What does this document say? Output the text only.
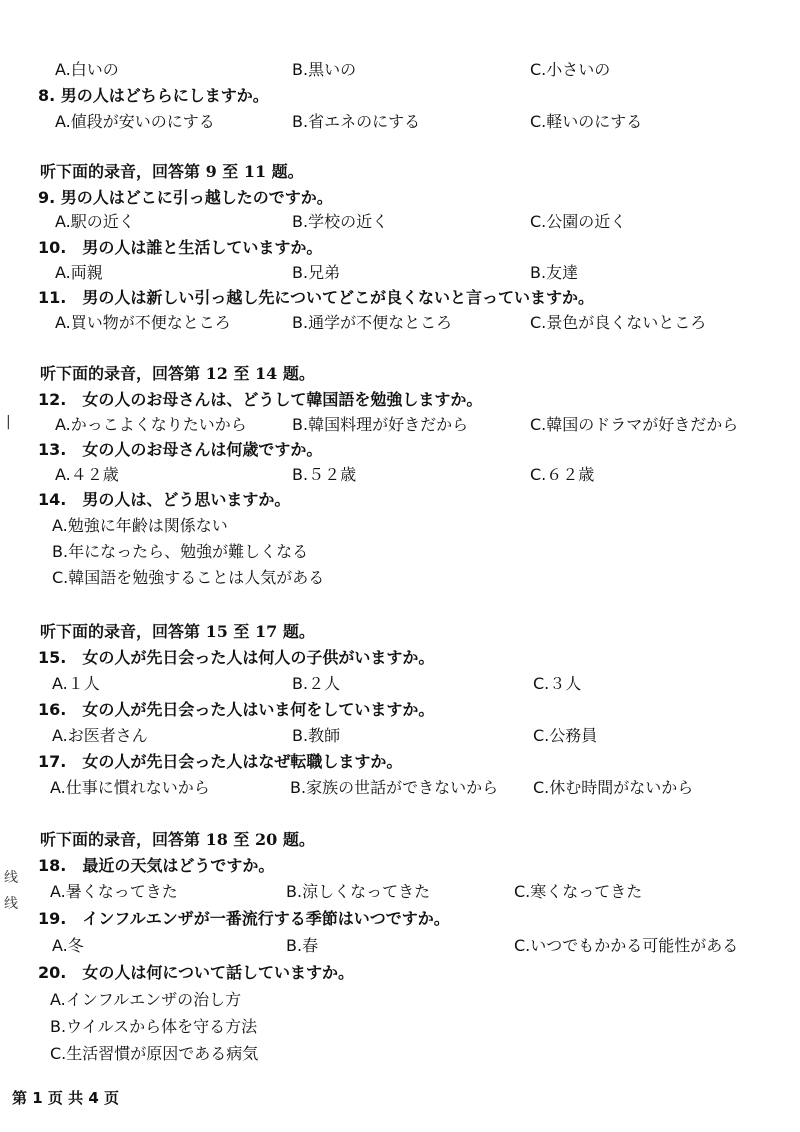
A.白いの	B.黒いの	C.小さいの
8. 男の人はどちらにしますか。
A.値段が安いのにする	B.省エネのにする	C.軽いのにする
听下面的录音，回答第 9 至 11 题。
9. 男の人はどこに引っ越したのですか。
A.駅の近く	B.学校の近く	C.公園の近く
10.　男の人は誰と生活していますか。
A.両親	B.兄弟	B.友達
11.　男の人は新しい引っ越し先についてどこが良くないと言っていますか。
A.買い物が不便なところ	B.通学が不便なところ	C.景色が良くないところ
听下面的录音，回答第 12 至 14 题。
12.　女の人のお母さんは、どうして韓国語を勉強しますか。
A.かっこよくなりたいから	B.韓国料理が好きだから	C.韓国のドラマが好きだから
13.　女の人のお母さんは何歳ですか。
A.４２歳	B.５２歳	C.６２歳
14.　男の人は、どう思いますか。
A.勉強に年齢は関係ない
B.年になったら、勉強が難しくなる
C.韓国語を勉強することは人気がある
听下面的录音，回答第 15 至 17 题。
15.　女の人が先日会った人は何人の子供がいますか。
A.１人	B.２人	C.３人
16.　女の人が先日会った人はいま何をしていますか。
A.お医者さん	B.教師	C.公務員
17.　女の人が先日会った人はなぜ転職しますか。
A.仕事に慣れないから	B.家族の世話ができないから C.休む時間がないから
听下面的录音，回答第 18 至 20 题。
18.　最近の天気はどうですか。
A.暑くなってきた	B.涼しくなってきた	C.寒くなってきた
19.　インフルエンザが一番流行する季節はいつですか。
A.冬	B.春	C.いつでもかかる可能性がある
20.　女の人は何について話していますか。
A.インフルエンザの治し方
B.ウイルスから体を守る方法
C.生活習慣が原因である病気
|
线
线
第 1 页 共 4 页
